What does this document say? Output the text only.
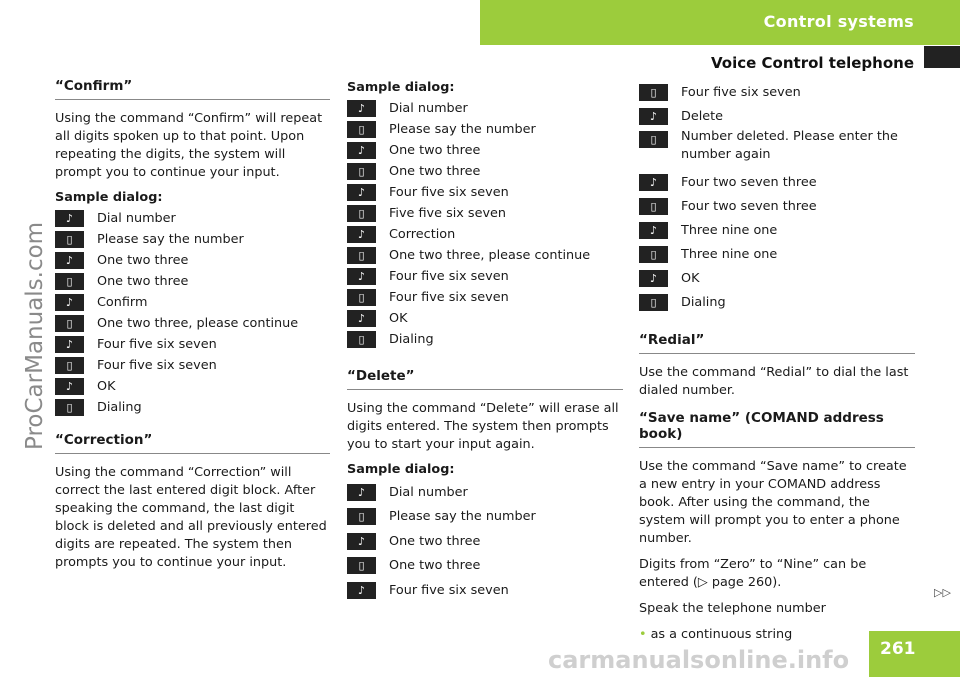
Control systems
Voice Control telephone
ProCarManuals.com
“Confirm”

Using the command “Confirm” will repeat all digits spoken up to that point. Upon repeating the digits, the system will prompt you to continue your input.

Sample dialog:
♪	Dial number
▯	Please say the number
♪	One two three
▯	One two three
♪	Confirm
▯	One two three, please continue
♪	Four five six seven
▯	Four five six seven
♪	OK
▯	Dialing
“Correction”

Using the command “Correction” will correct the last entered digit block. After speaking the command, the last digit block is deleted and all previously entered digits are repeated. The system then prompts you to continue your input.

Sample dialog:
♪	Dial number
▯	Please say the number
♪	One two three
▯	One two three
♪	Four five six seven
▯	Five five six seven
♪	Correction
▯	One two three, please continue
♪	Four five six seven
▯	Four five six seven
♪	OK
▯	Dialing
“Delete”

Using the command “Delete” will erase all digits entered. The system then prompts you to start your input again.

Sample dialog:
♪	Dial number
▯	Please say the number
♪	One two three
▯	One two three
♪	Four five six seven
▯	Four five six seven
♪	Delete
▯	Number deleted. Please enter the number again
♪	Four two seven three
▯	Four two seven three
♪	Three nine one
▯	Three nine one
♪	OK
▯	Dialing
“Redial”

Use the command “Redial” to dial the last dialed number.

“Save name” (COMAND address book)

Use the command “Save name” to create a new entry in your COMAND address book. After using the command, the system will prompt you to enter a phone number.

Digits from “Zero” to “Nine” can be entered (▷ page 260).

Speak the telephone number

• as a continuous string
▷▷
261
carmanualsonline.info
